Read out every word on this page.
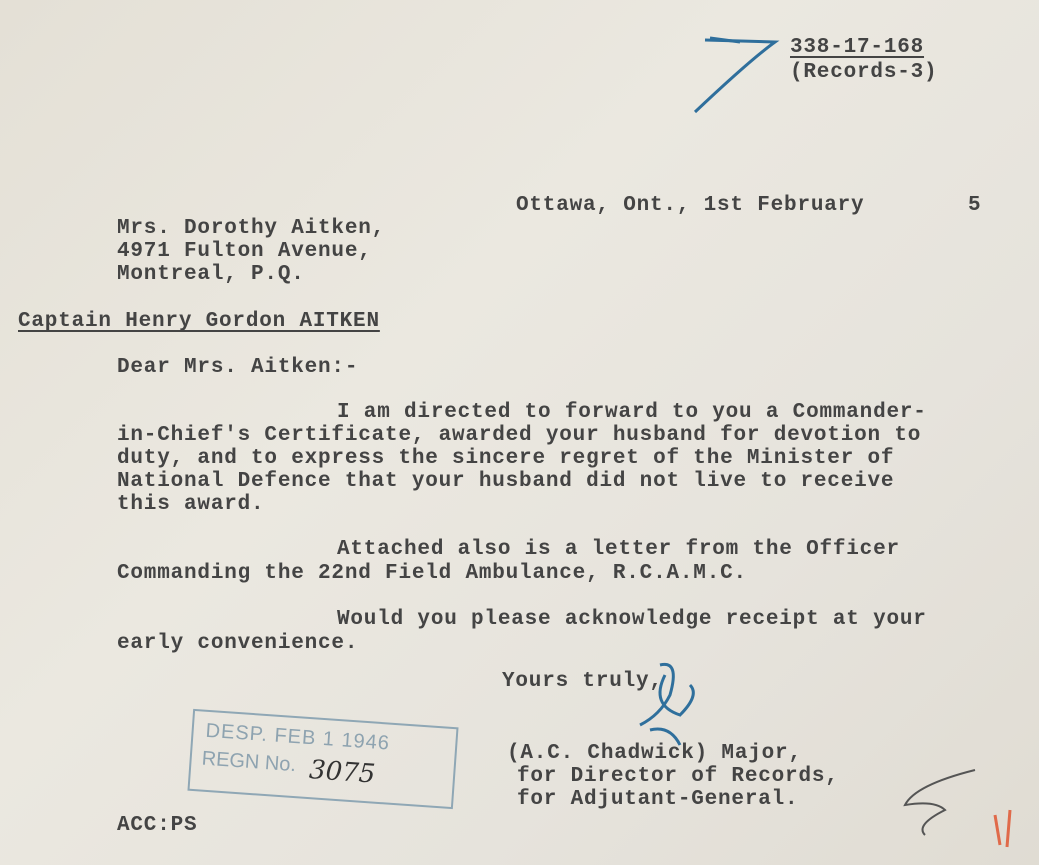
338-17-168
(Records-3)
Ottawa, Ont., 1st February	5
Mrs. Dorothy Aitken,
4971 Fulton Avenue,
Montreal, P.Q.
Captain Henry Gordon AITKEN
Dear Mrs. Aitken:-
I am directed to forward to you a Commander-
in-Chief's Certificate, awarded your husband for devotion to
duty, and to express the sincere regret of the Minister of
National Defence that your husband did not live to receive
this award.
Attached also is a letter from the Officer
Commanding the 22nd Field Ambulance, R.C.A.M.C.
Would you please acknowledge receipt at your
early convenience.
Yours truly,
(A.C. Chadwick) Major,
for Director of Records,
for Adjutant-General.
ACC:PS
DESP. FEB 1 1946
REGN No. 3075
